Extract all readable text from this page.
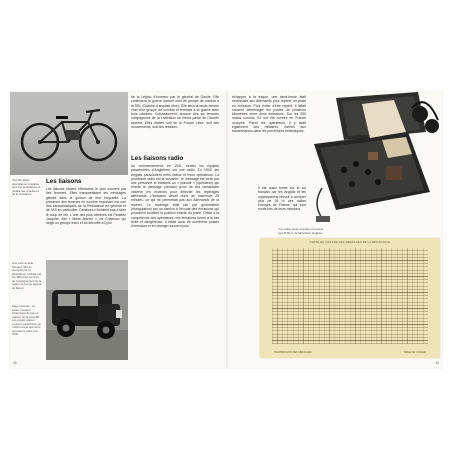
de la Légion d’honneur par le général de Gaulle. Elle continuera la guerre comme chef de groupe de combat à la SRL (Division française libre). Elle sera la seule femme chef d’un groupe de combat et femmes à la guerre avec trois citations. Cuisseaument, aucune des six femmes compagnons de la Libération ne feront partie de l’Armée secrète. Elles étaient soit de la France Libre, soit des mouvements, soit des réseaux.

Une bicyclette spécialement équipée pour les gênérateurs à pédale des émetteurs de la résistance.

Les liaisons

Les liaisons étaient effectuées le plus souvent par des femmes. Elles transmettaient les messages glissés dans le guidon de leur bicyclette. La présence des femmes en nombre important est une des caractéristiques de la Résistance en général et de l’AS en particulier. Certaines n’hésitent pas à faire le coup de feu. L’une des plus célèbres est Paulette Jacquier, dite « Marie-Jeanne », de Chamoux qui dirige un groupe franc et fut décorée à Lyon

Les liaisons radio

Au commencement, en 1941, seules les équipes parachutées d’Angleterre ont une radio. En 1943, les Anglais parachutent enfin radios et leurs opérateurs. La procédure radio est la suivante : le message est codé par une personne et transmis ou « pianoté » (opérateur) qui envoie le message, pendant qu’un de ses camarades observe les environs pour détecter les repérages allemands. L’émission devait durer au maximum 20 minutes, ce qui ne permettait pas aux Allemands de la repérer. Le repérage était fait par goniométrie (triangulation) par un camion à l’écoute des émissions qui pouvaient localiser la position exacte du poste. Grâce à la compétence des opérateurs, ces tentatives furent à la fois lente et dangereuse. Il fallait donc de nombreux postes d’émission et en changer souvent pour

Une camionnette Peugeot 301 de réemploi par la Résistance. Utilisée par les différents services de renseignement de la région et par les agents de liaison.

Page suivante : un poste émetteur britannique du type à valises, de la série B2. Les postes étaient souvent parachutés, en même temps que leurs opérateurs radio à la SOE.

44

échapper à la traque, une demi-heure était nécessaire aux Allemands pour repérer un poste en émission. Pour éviter d’être repéré, il fallait souvent déménager les postes de plusieurs kilomètres entre deux émissions. Sur les 390 radios connus, 91 ont été formés en France occupée. Parmi les opérateurs, il y avait également des militaires, formés aux transmissions dans les procédures britanniques.

Il est aussi formé sur le sol français par les Anglais et les organisations réussit à compter plus de 35 % des radios envoyés de France, qui sont morts lors de leurs missions.

Une valise-poste émetteur-récepteur type B Mk II, de fabrication anglaise.

CARTE DE CHIFFRE DES MESSAGES DE LA RÉSISTANCE
TRANSMISSION DES MESSAGES	TABLE DE CODAGE
45
